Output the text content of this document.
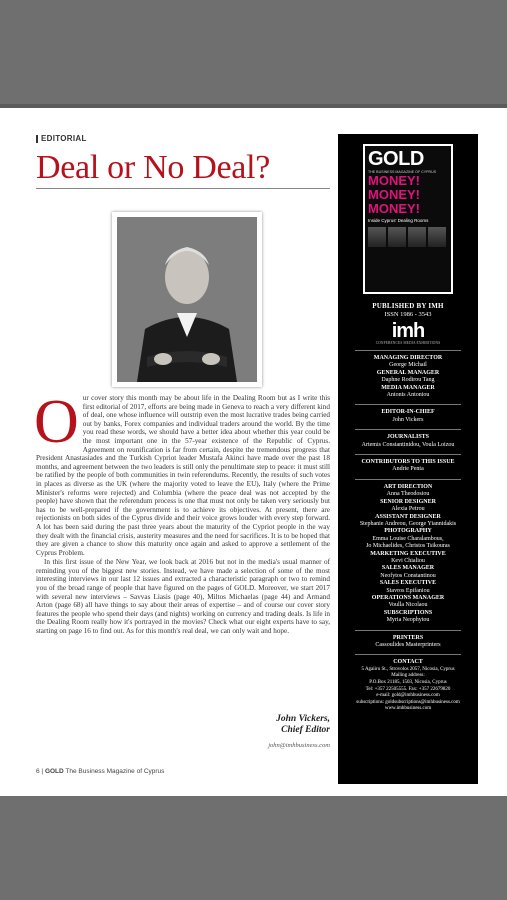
EDITORIAL
Deal or No Deal?
O ur cover story this month may be about life in the Dealing Room but as I write this first editorial of 2017, efforts are being made in Geneva to reach a very different kind of deal, one whose influence will outstrip even the most lucrative trades being carried out by banks, Forex companies and individual traders around the world. By the time you read these words, we should have a better idea about whether this year could be the most important one in the 57-year existence of the Republic of Cyprus. Agreement on reunification is far from certain, despite the tremendous progress that President Anastasiades and the Turkish Cypriot leader Mustafa Akinci have made over the past 18 months, and agreement between the two leaders is still only the penultimate step to peace: it must still be ratified by the people of both communities in twin referendums. Recently, the results of such votes in places as diverse as the UK (where the majority voted to leave the EU), Italy (where the Prime Minister's reforms were rejected) and Columbia (where the peace deal was not accepted by the people) have shown that the referendum process is one that must not only be taken very seriously but has to be well-prepared if the government is to achieve its objectives. At present, there are rejectionists on both sides of the Cyprus divide and their voice grows louder with every step forward. A lot has been said during the past three years about the maturity of the Cypriot people in the way they dealt with the financial crisis, austerity measures and the need for sacrifices. It is to be hoped that they are given a chance to show this maturity once again and asked to approve a settlement of the Cyprus Problem.

In this first issue of the New Year, we look back at 2016 but not in the media's usual manner of reminding you of the biggest new stories. Instead, we have made a selection of some of the most interesting interviews in our last 12 issues and extracted a characteristic paragraph or two to remind you of the broad range of people that have figured on the pages of GOLD. Moreover, we start 2017 with several new interviews – Savvas Liasis (page 40), Miltos Michaelas (page 44) and Armand Arton (page 68) all have things to say about their areas of expertise – and of course our cover story features the people who spend their days (and nights) working on currency and trading deals. Is life in the Dealing Room really how it's portrayed in the movies? Check what our eight experts have to say, starting on page 16 to find out. As for this month's real deal, we can only wait and hope.

John Vickers,
Chief Editor
john@imhbusiness.com
6 | GOLD The Business Magazine of Cyprus
GOLD
THE BUSINESS MAGAZINE OF CYPRUS
MONEY!
MONEY!
MONEY!
Inside Cyprus' Dealing Rooms
PUBLISHED BY IMH
ISSN 1986 - 3543
imh
CONFERENCES MEDIA EXHIBITIONS
MANAGING DIRECTOR
George Michail
GENERAL MANAGER
Daphne Rodirou Tang
MEDIA MANAGER
Antonis Antoniou
EDITOR-IN-CHIEF
John Vickers
JOURNALISTS
Artemis Constantinidou, Voula Loizou
CONTRIBUTORS TO THIS ISSUE
Andrie Penta
ART DIRECTION
Anna Theodosiou
SENIOR DESIGNER
Alexia Petrou
ASSISTANT DESIGNER
Stephanie Andreou, George Yiannidakis
PHOTOGRAPHY
Emma Louise Charalambous,
Jo Michaelides, Christos Tsikouras
MARKETING EXECUTIVE
Kevi Chialiou
SALES MANAGER
Neofytos Constantinou
SALES EXECUTIVE
Stavros Epifaniou
OPERATIONS MANAGER
Voulla Nicolaou
SUBSCRIPTIONS
Myria Neophytou
PRINTERS
Cassoulides Masterprinters
CONTACT
5 Agaiiru St., Strovolos 2057, Nicosia, Cyprus
Mailing address:
P.O.Box 21185, 1503, Nicosia, Cyprus
Tel: +357 22505555. Fax: +357 22679820
e-mail: gold@imhbusiness.com
subscriptions: goldsubscriptions@imhbusiness.com
www.imhbusiness.com
